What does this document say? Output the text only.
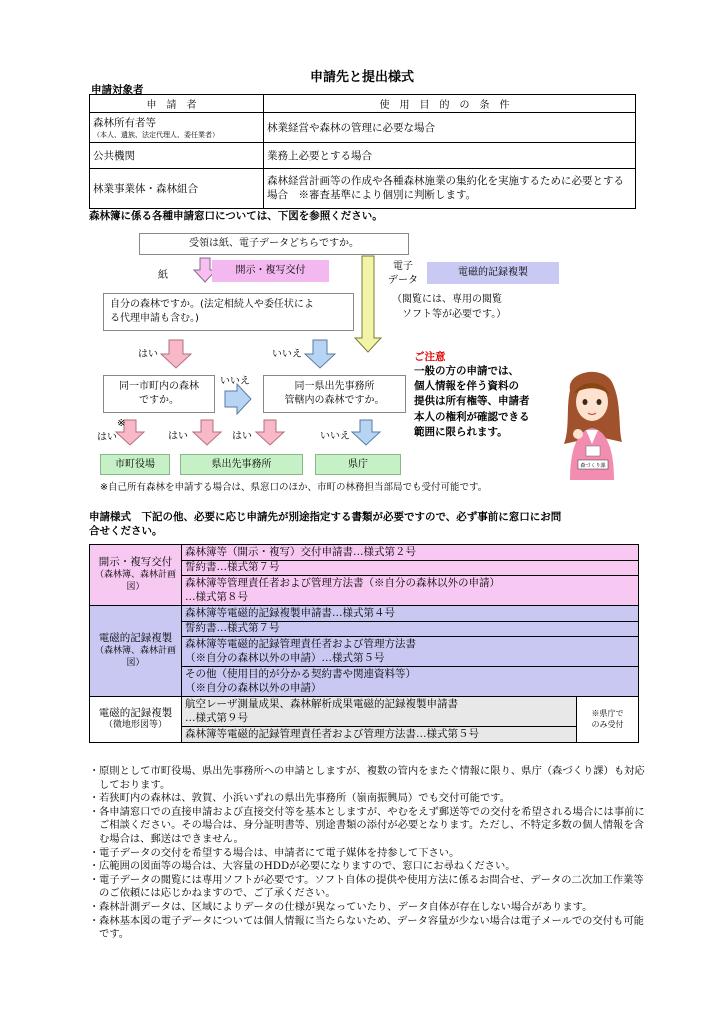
申請先と提出様式
申請対象者
申請者	使用目的の条件
森林所有者等
（本人、遺族、法定代理人、委任業者）	林業経営や森林の管理に必要な場合
公共機関	業務上必要とする場合
林業事業体・森林組合	森林経営計画等の作成や各種森林施業の集約化を実施するために必要とする場合　※審査基準により個別に判断します。
森林簿に係る各種申請窓口については、下図を参照ください。
受領は紙、電子データどちらですか。
紙	開示・複写交付	電子
データ
電磁的記録複製
（閲覧には、専用の閲覧
　ソフト等が必要です。）
自分の森林ですか。(法定相続人や委任状によ
る代理申請も含む。)
はい	いいえ
同一市町内の森林
ですか。
いいえ	同一県出先事務所
管轄内の森林ですか。
はい
※
はい	はい	いいえ
市町役場	県出先事務所	県庁
※自己所有森林を申請する場合は、県窓口のほか、市町の林務担当部局でも受付可能です。
ご注意
一般の方の申請では、
個人情報を伴う資料の
提供は所有権等、申請者
本人の権利が確認できる
範囲に限られます。
森づくり課
申請様式　下記の他、必要に応じ申請先が別途指定する書類が必要ですので、必ず事前に窓口にお問合せください。
開示・複写交付
（森林簿、森林計画図）	森林簿等（開示・複写）交付申請書…様式第２号	
	誓約書…様式第７号	
	森林簿等管理責任者および管理方法書（※自分の森林以外の申請）
…様式第８号	
電磁的記録複製
（森林簿、森林計画図）	森林簿等電磁的記録複製申請書…様式第４号	
	誓約書…様式第７号	
	森林簿等電磁的記録管理責任者および管理方法書
（※自分の森林以外の申請）…様式第５号	
	その他（使用目的が分かる契約書や関連資料等）
（※自分の森林以外の申請）	
電磁的記録複製
（微地形図等）	航空レーザ測量成果、森林解析成果電磁的記録複製申請書
…様式第９号	※県庁で
のみ受付
	森林簿等電磁的記録管理責任者および管理方法書…様式第５号	
・ 原則として市町役場、県出先事務所への申請としますが、複数の管内をまたぐ情報に限り、県庁（森づくり課）も対応しております。
・ 若狭町内の森林は、敦賀、小浜いずれの県出先事務所（嶺南振興局）でも交付可能です。
・ 各申請窓口での直接申請および直接交付等を基本としますが、やむをえず郵送等での交付を希望される場合には事前にご相談ください。その場合は、身分証明書等、別途書類の添付が必要となります。ただし、不特定多数の個人情報を含む場合は、郵送はできません。
・ 電子データの交付を希望する場合は、申請者にて電子媒体を持参して下さい。
・ 広範囲の図面等の場合は、大容量のHDDが必要になりますので、窓口にお尋ねください。
・ 電子データの閲覧には専用ソフトが必要です。ソフト自体の提供や使用方法に係るお問合せ、データの二次加工作業等のご依頼には応じかねますので、ご了承ください。
・ 森林計測データは、区域によりデータの仕様が異なっていたり、データ自体が存在しない場合があります。
・ 森林基本図の電子データについては個人情報に当たらないため、データ容量が少ない場合は電子メールでの交付も可能です。
